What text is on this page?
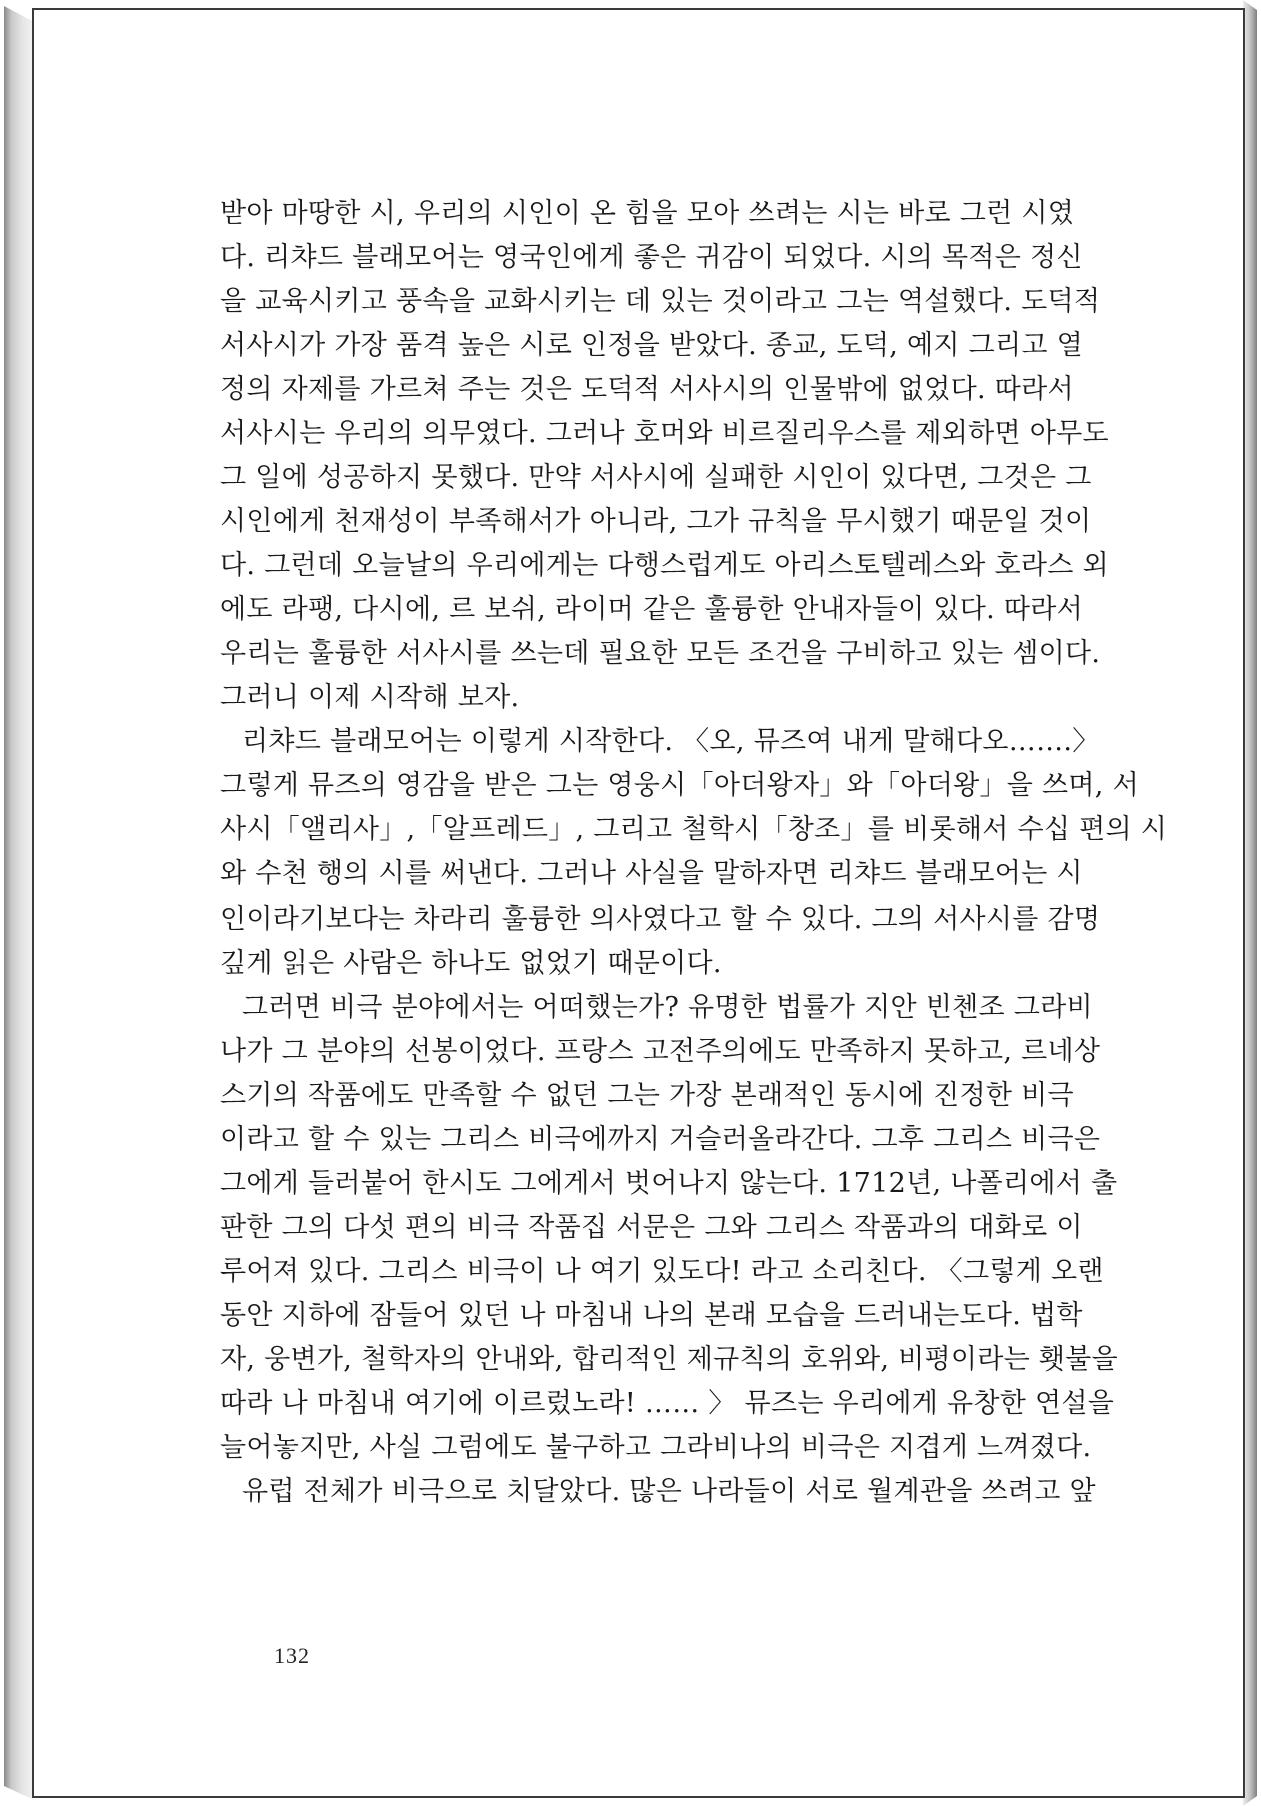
받아 마땅한 시, 우리의 시인이 온 힘을 모아 쓰려는 시는 바로 그런 시였
다. 리챠드 블래모어는 영국인에게 좋은 귀감이 되었다. 시의 목적은 정신
을 교육시키고 풍속을 교화시키는 데 있는 것이라고 그는 역설했다. 도덕적
서사시가 가장 품격 높은 시로 인정을 받았다. 종교, 도덕, 예지 그리고 열
정의 자제를 가르쳐 주는 것은 도덕적 서사시의 인물밖에 없었다. 따라서
서사시는 우리의 의무였다. 그러나 호머와 비르질리우스를 제외하면 아무도
그 일에 성공하지 못했다. 만약 서사시에 실패한 시인이 있다면, 그것은 그
시인에게 천재성이 부족해서가 아니라, 그가 규칙을 무시했기 때문일 것이
다. 그런데 오늘날의 우리에게는 다행스럽게도 아리스토텔레스와 호라스 외
에도 라팽, 다시에, 르 보쉬, 라이머 같은 훌륭한 안내자들이 있다. 따라서
우리는 훌륭한 서사시를 쓰는데 필요한 모든 조건을 구비하고 있는 셈이다.
그러니 이제 시작해 보자.
리챠드 블래모어는 이렇게 시작한다. 〈오, 뮤즈여 내게 말해다오…….〉
그렇게 뮤즈의 영감을 받은 그는 영웅시「아더왕자」와「아더왕」을 쓰며, 서
사시「앨리사」,「알프레드」, 그리고 철학시「창조」를 비롯해서 수십 편의 시
와 수천 행의 시를 써낸다. 그러나 사실을 말하자면 리챠드 블래모어는 시
인이라기보다는 차라리 훌륭한 의사였다고 할 수 있다. 그의 서사시를 감명
깊게 읽은 사람은 하나도 없었기 때문이다.
그러면 비극 분야에서는 어떠했는가? 유명한 법률가 지안 빈첸조 그라비
나가 그 분야의 선봉이었다. 프랑스 고전주의에도 만족하지 못하고, 르네상
스기의 작품에도 만족할 수 없던 그는 가장 본래적인 동시에 진정한 비극
이라고 할 수 있는 그리스 비극에까지 거슬러올라간다. 그후 그리스 비극은
그에게 들러붙어 한시도 그에게서 벗어나지 않는다. 1712년, 나폴리에서 출
판한 그의 다섯 편의 비극 작품집 서문은 그와 그리스 작품과의 대화로 이
루어져 있다. 그리스 비극이 나 여기 있도다! 라고 소리친다. 〈그렇게 오랜
동안 지하에 잠들어 있던 나 마침내 나의 본래 모습을 드러내는도다. 법학
자, 웅변가, 철학자의 안내와, 합리적인 제규칙의 호위와, 비평이라는 횃불을
따라 나 마침내 여기에 이르렀노라! …… 〉 뮤즈는 우리에게 유창한 연설을
늘어놓지만, 사실 그럼에도 불구하고 그라비나의 비극은 지겹게 느껴졌다.
유럽 전체가 비극으로 치달았다. 많은 나라들이 서로 월계관을 쓰려고 앞
132
